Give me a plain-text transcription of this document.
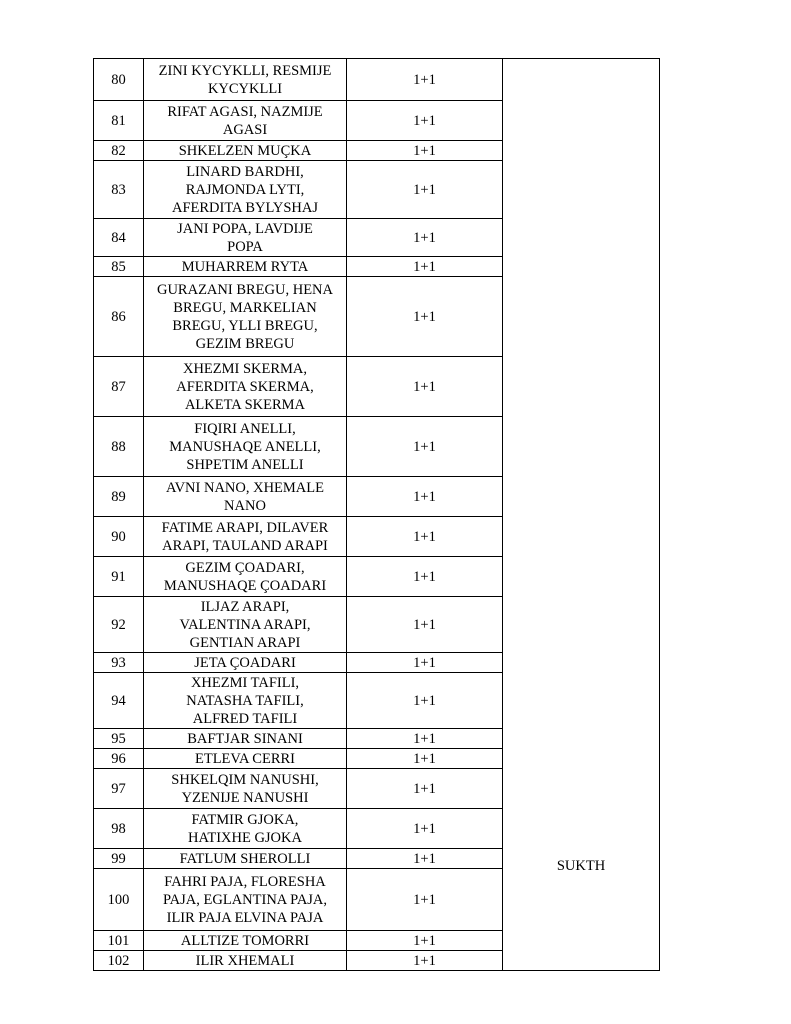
80	ZINI KYCYKLLI, RESMIJE
KYCYKLLI	1+1	SUKTH
81	RIFAT AGASI, NAZMIJE
AGASI	1+1	
82	SHKELZEN MUÇKA	1+1	
83	LINARD BARDHI,
RAJMONDA LYTI,
AFERDITA BYLYSHAJ	1+1	
84	JANI POPA, LAVDIJE
POPA	1+1	
85	MUHARREM RYTA	1+1	
86	GURAZANI BREGU, HENA
BREGU, MARKELIAN
BREGU, YLLI BREGU,
GEZIM BREGU	1+1	
87	XHEZMI SKERMA,
AFERDITA SKERMA,
ALKETA SKERMA	1+1	
88	FIQIRI ANELLI,
MANUSHAQE ANELLI,
SHPETIM ANELLI	1+1	
89	AVNI NANO, XHEMALE
NANO	1+1	
90	FATIME ARAPI, DILAVER
ARAPI, TAULAND ARAPI	1+1	
91	GEZIM ÇOADARI,
MANUSHAQE ÇOADARI	1+1	
92	ILJAZ ARAPI,
VALENTINA ARAPI,
GENTIAN ARAPI	1+1	
93	JETA ÇOADARI	1+1	
94	XHEZMI TAFILI,
NATASHA TAFILI,
ALFRED TAFILI	1+1	
95	BAFTJAR SINANI	1+1	
96	ETLEVA CERRI	1+1	
97	SHKELQIM NANUSHI,
YZENIJE NANUSHI	1+1	
98	FATMIR GJOKA,
HATIXHE GJOKA	1+1	
99	FATLUM SHEROLLI	1+1	
100	FAHRI PAJA, FLORESHA
PAJA, EGLANTINA PAJA,
ILIR PAJA ELVINA PAJA	1+1	
101	ALLTIZE TOMORRI	1+1	
102	ILIR XHEMALI	1+1	
